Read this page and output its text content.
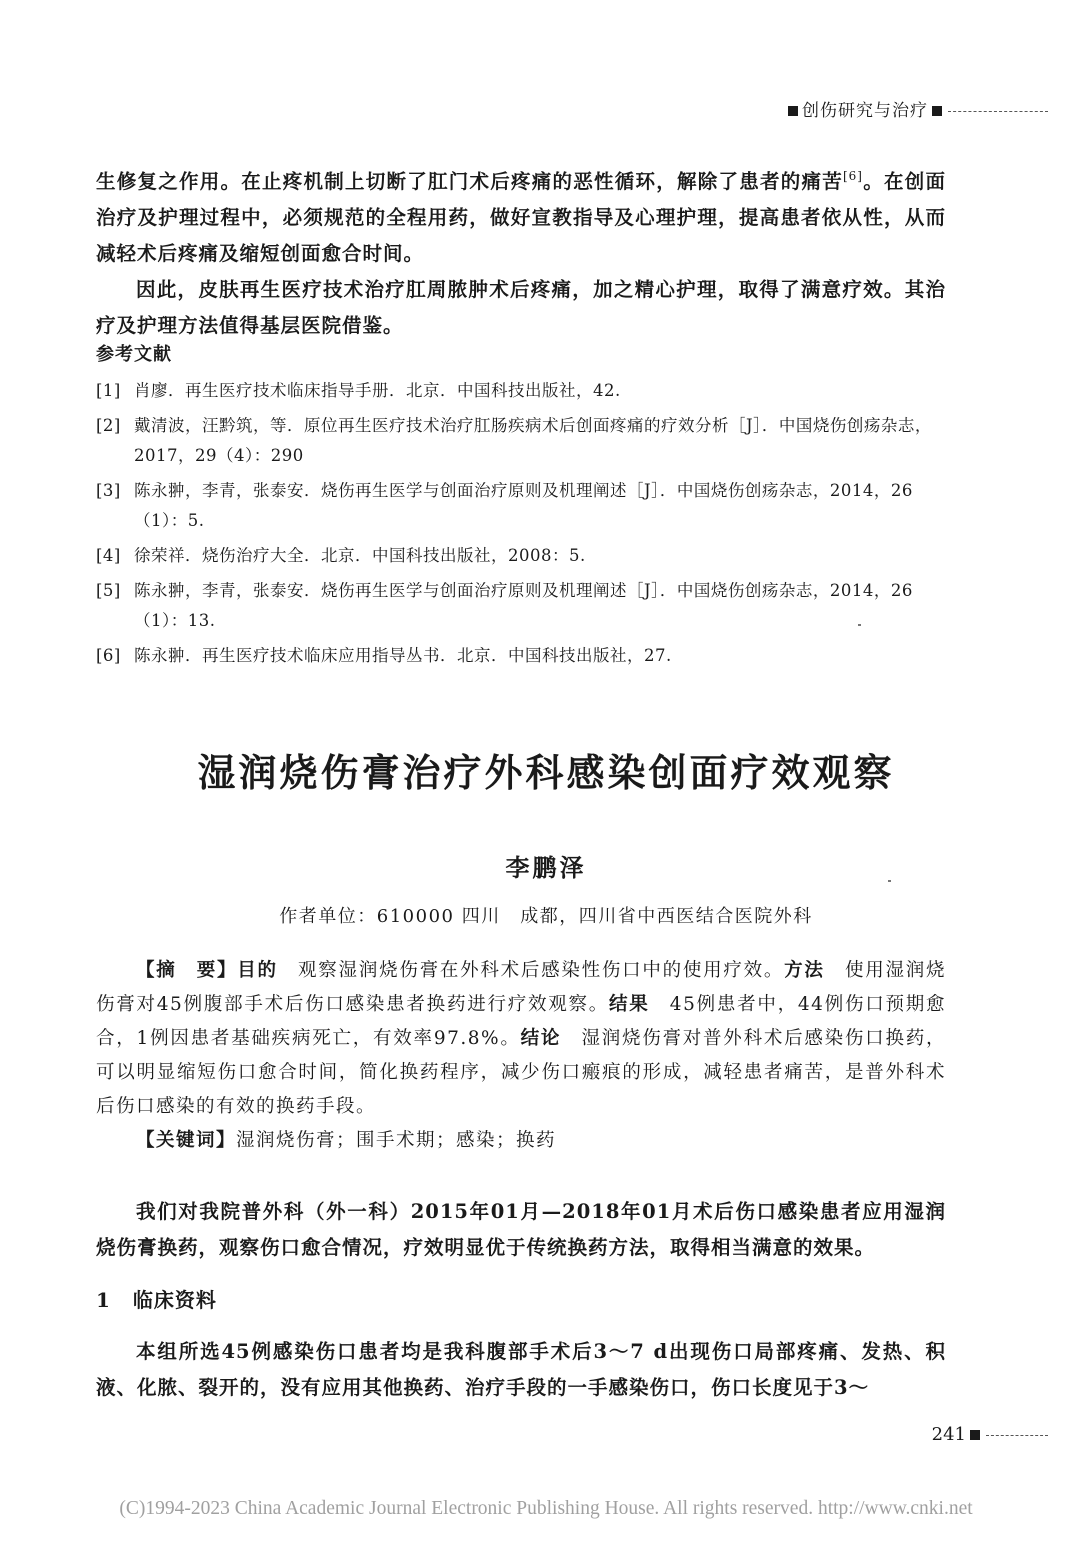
创伤研究与治疗
生修复之作用。在止疼机制上切断了肛门术后疼痛的恶性循环，解除了患者的痛苦[6]。在创面治疗及护理过程中，必须规范的全程用药，做好宣教指导及心理护理，提高患者依从性，从而减轻术后疼痛及缩短创面愈合时间。
因此，皮肤再生医疗技术治疗肛周脓肿术后疼痛，加之精心护理，取得了满意疗效。其治疗及护理方法值得基层医院借鉴。
参考文献
[1] 肖廖．再生医疗技术临床指导手册．北京．中国科技出版社，42.
[2] 戴清波，汪黔筑，等．原位再生医疗技术治疗肛肠疾病术后创面疼痛的疗效分析［J］．中国烧伤创疡杂志，2017，29（4）：290
[3] 陈永翀，李青，张泰安．烧伤再生医学与创面治疗原则及机理阐述［J］．中国烧伤创疡杂志，2014，26（1）：5.
[4] 徐荣祥．烧伤治疗大全．北京．中国科技出版社，2008：5.
[5] 陈永翀，李青，张泰安．烧伤再生医学与创面治疗原则及机理阐述［J］．中国烧伤创疡杂志，2014，26（1）：13.
[6] 陈永翀．再生医疗技术临床应用指导丛书．北京．中国科技出版社，27.
湿润烧伤膏治疗外科感染创面疗效观察
李鹏泽
作者单位：610000 四川　成都，四川省中西医结合医院外科
【摘　要】目的　观察湿润烧伤膏在外科术后感染性伤口中的使用疗效。方法　使用湿润烧伤膏对45例腹部手术后伤口感染患者换药进行疗效观察。结果　45例患者中，44例伤口预期愈合，1例因患者基础疾病死亡，有效率97.8%。结论　湿润烧伤膏对普外科术后感染伤口换药，可以明显缩短伤口愈合时间，简化换药程序，减少伤口瘢痕的形成，减轻患者痛苦，是普外科术后伤口感染的有效的换药手段。
【关键词】湿润烧伤膏；围手术期；感染；换药
我们对我院普外科（外一科）2015年01月—2018年01月术后伤口感染患者应用湿润烧伤膏换药，观察伤口愈合情况，疗效明显优于传统换药方法，取得相当满意的效果。
1 临床资料
本组所选45例感染伤口患者均是我科腹部手术后3～7 d出现伤口局部疼痛、发热、积液、化脓、裂开的，没有应用其他换药、治疗手段的一手感染伤口，伤口长度见于3～
241
(C)1994-2023 China Academic Journal Electronic Publishing House. All rights reserved. http://www.cnki.net
